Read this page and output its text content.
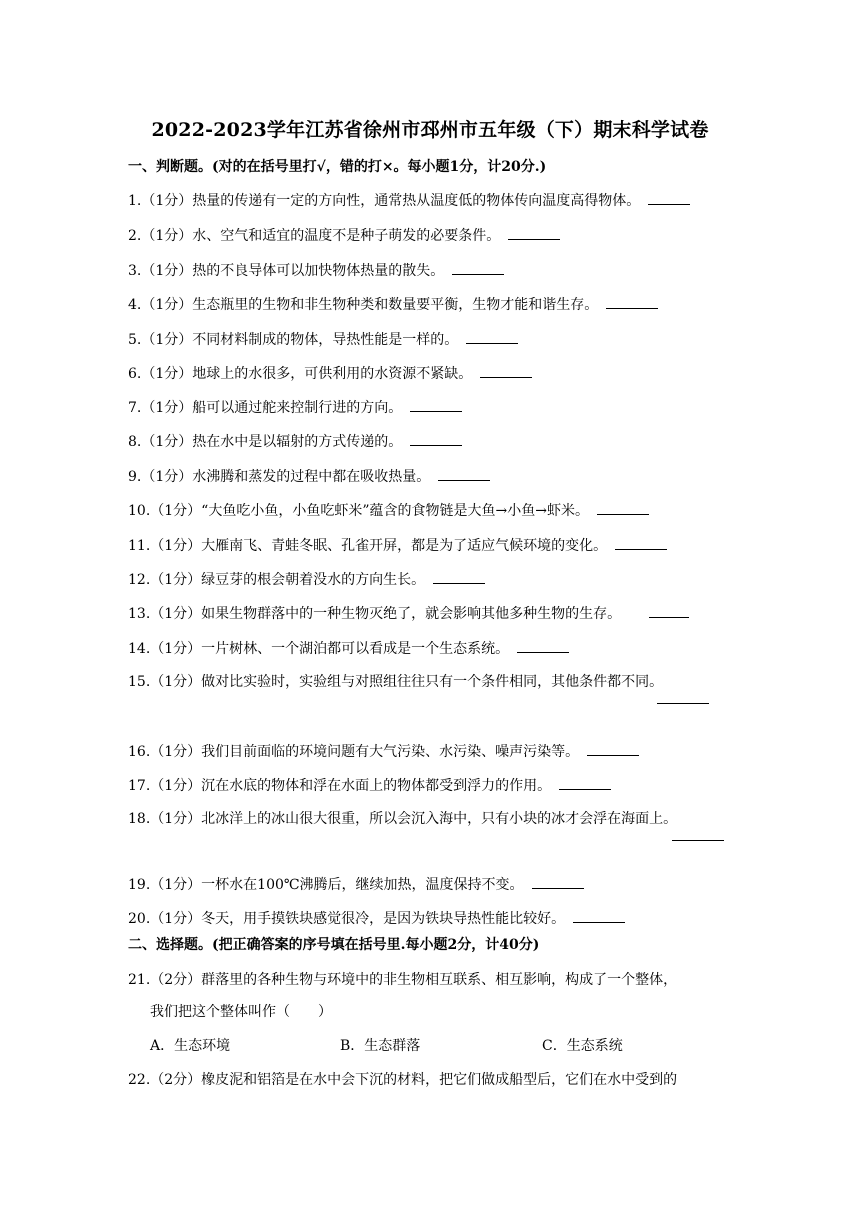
2022-2023学年江苏省徐州市邳州市五年级（下）期末科学试卷
一、判断题。(对的在括号里打√，错的打×。每小题1分，计20分.)
1.（1分）热量的传递有一定的方向性，通常热从温度低的物体传向温度高得物体。
2.（1分）水、空气和适宜的温度不是种子萌发的必要条件。
3.（1分）热的不良导体可以加快物体热量的散失。
4.（1分）生态瓶里的生物和非生物种类和数量要平衡，生物才能和谐生存。
5.（1分）不同材料制成的物体，导热性能是一样的。
6.（1分）地球上的水很多，可供利用的水资源不紧缺。
7.（1分）船可以通过舵来控制行进的方向。
8.（1分）热在水中是以辐射的方式传递的。
9.（1分）水沸腾和蒸发的过程中都在吸收热量。
10.（1分）“大鱼吃小鱼，小鱼吃虾米”蕴含的食物链是大鱼→小鱼→虾米。
11.（1分）大雁南飞、青蛙冬眠、孔雀开屏，都是为了适应气候环境的变化。
12.（1分）绿豆芽的根会朝着没水的方向生长。
13.（1分）如果生物群落中的一种生物灭绝了，就会影响其他多种生物的生存。
14.（1分）一片树林、一个湖泊都可以看成是一个生态系统。
15.（1分）做对比实验时，实验组与对照组往往只有一个条件相同，其他条件都不同。
16.（1分）我们目前面临的环境问题有大气污染、水污染、噪声污染等。
17.（1分）沉在水底的物体和浮在水面上的物体都受到浮力的作用。
18.（1分）北冰洋上的冰山很大很重，所以会沉入海中，只有小块的冰才会浮在海面上。
19.（1分）一杯水在100℃沸腾后，继续加热，温度保持不变。
20.（1分）冬天，用手摸铁块感觉很冷，是因为铁块导热性能比较好。
二、选择题。(把正确答案的序号填在括号里.每小题2分，计40分)
21.（2分）群落里的各种生物与环境中的非生物相互联系、相互影响，构成了一个整体，
我们把这个整体叫作（　　）
A．生态环境	B．生态群落	C．生态系统
22.（2分）橡皮泥和铝箔是在水中会下沉的材料，把它们做成船型后，它们在水中受到的
